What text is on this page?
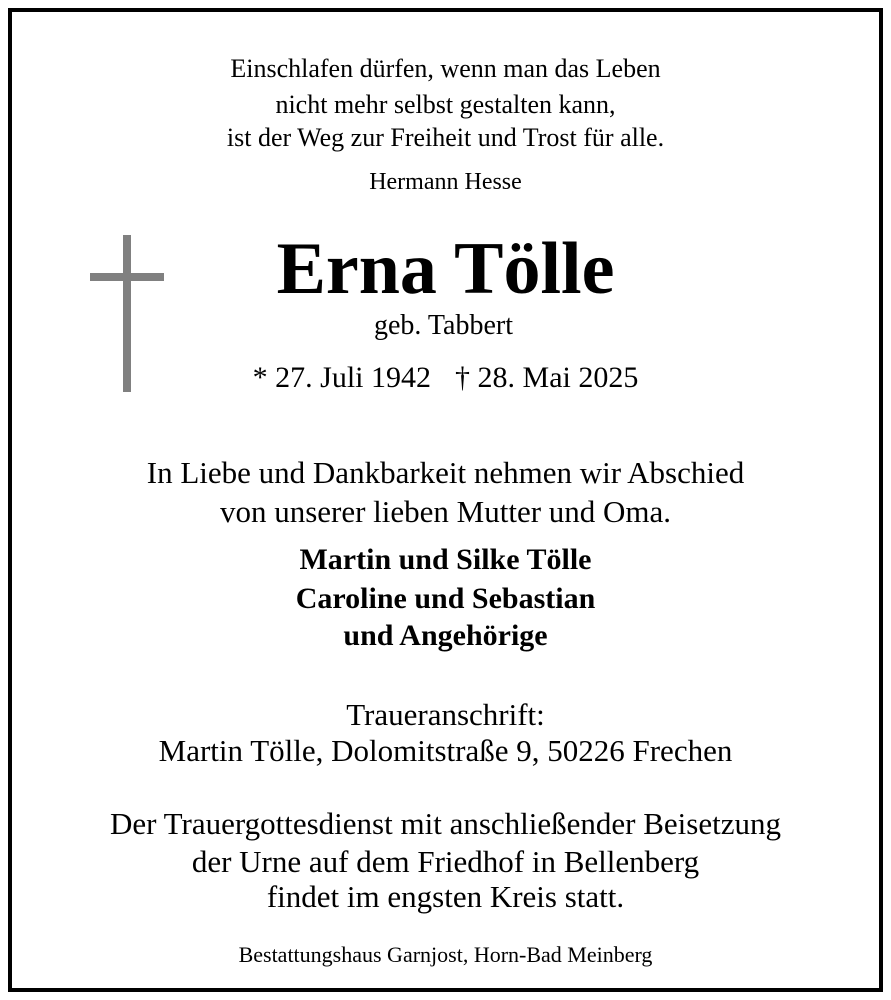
Einschlafen dürfen, wenn man das Leben
nicht mehr selbst gestalten kann,
ist der Weg zur Freiheit und Trost für alle.
Hermann Hesse
Erna Tölle
geb. Tabbert
* 27. Juli 1942 † 28. Mai 2025
In Liebe und Dankbarkeit nehmen wir Abschied
von unserer lieben Mutter und Oma.
Martin und Silke Tölle
Caroline und Sebastian
und Angehörige
Traueranschrift:
Martin Tölle, Dolomitstraße 9, 50226 Frechen
Der Trauergottesdienst mit anschließender Beisetzung
der Urne auf dem Friedhof in Bellenberg
findet im engsten Kreis statt.
Bestattungshaus Garnjost, Horn-Bad Meinberg
